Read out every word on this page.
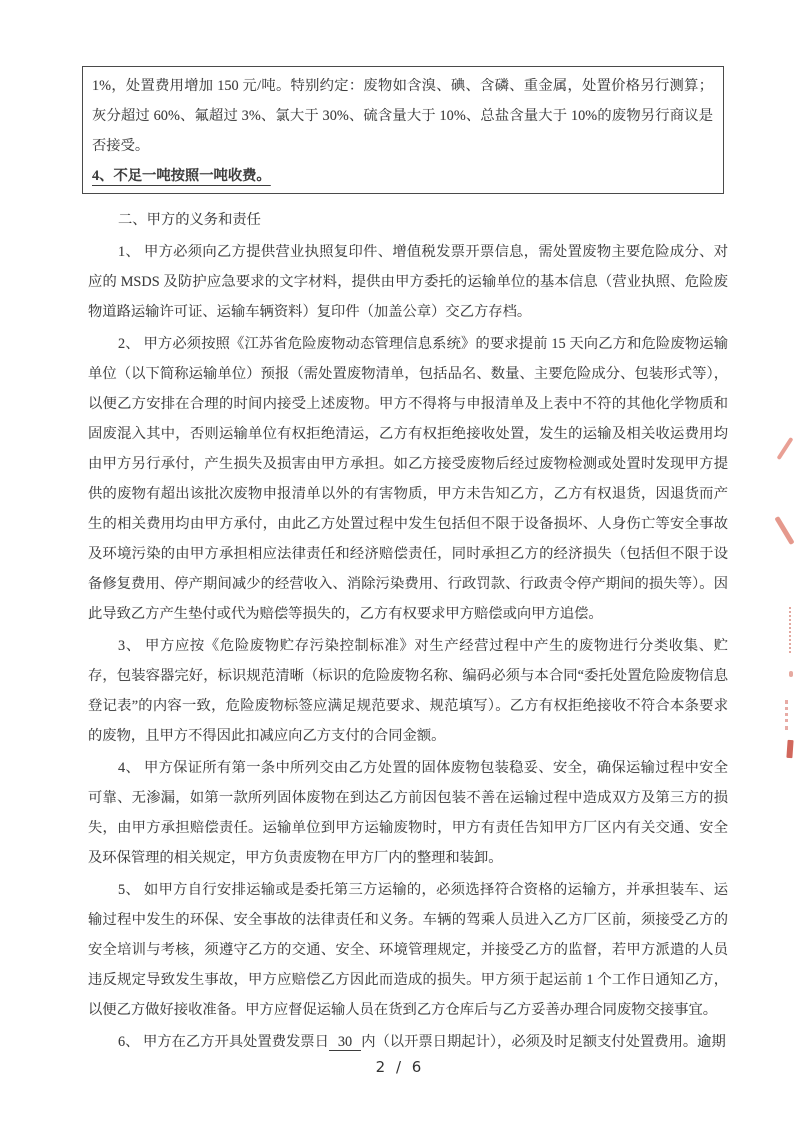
1%，处置费用增加 150 元/吨。特别约定：废物如含溴、碘、含磷、重金属，处置价格另行测算；灰分超过 60%、氟超过 3%、氯大于 30%、硫含量大于 10%、总盐含量大于 10%的废物另行商议是否接受。

4、不足一吨按照一吨收费。

二、甲方的义务和责任

1、 甲方必须向乙方提供营业执照复印件、增值税发票开票信息，需处置废物主要危险成分、对应的 MSDS 及防护应急要求的文字材料，提供由甲方委托的运输单位的基本信息（营业执照、危险废物道路运输许可证、运输车辆资料）复印件（加盖公章）交乙方存档。

2、 甲方必须按照《江苏省危险废物动态管理信息系统》的要求提前 15 天向乙方和危险废物运输单位（以下简称运输单位）预报（需处置废物清单，包括品名、数量、主要危险成分、包装形式等），以便乙方安排在合理的时间内接受上述废物。甲方不得将与申报清单及上表中不符的其他化学物质和固废混入其中，否则运输单位有权拒绝清运，乙方有权拒绝接收处置，发生的运输及相关收运费用均由甲方另行承付，产生损失及损害由甲方承担。如乙方接受废物后经过废物检测或处置时发现甲方提供的废物有超出该批次废物申报清单以外的有害物质，甲方未告知乙方，乙方有权退货，因退货而产生的相关费用均由甲方承付，由此乙方处置过程中发生包括但不限于设备损坏、人身伤亡等安全事故及环境污染的由甲方承担相应法律责任和经济赔偿责任，同时承担乙方的经济损失（包括但不限于设备修复费用、停产期间减少的经营收入、消除污染费用、行政罚款、行政责令停产期间的损失等）。因此导致乙方产生垫付或代为赔偿等损失的，乙方有权要求甲方赔偿或向甲方追偿。

3、 甲方应按《危险废物贮存污染控制标准》对生产经营过程中产生的废物进行分类收集、贮存，包装容器完好，标识规范清晰（标识的危险废物名称、编码必须与本合同“委托处置危险废物信息登记表”的内容一致，危险废物标签应满足规范要求、规范填写）。乙方有权拒绝接收不符合本条要求的废物，且甲方不得因此扣减应向乙方支付的合同金额。

4、 甲方保证所有第一条中所列交由乙方处置的固体废物包装稳妥、安全，确保运输过程中安全可靠、无渗漏，如第一款所列固体废物在到达乙方前因包装不善在运输过程中造成双方及第三方的损失，由甲方承担赔偿责任。运输单位到甲方运输废物时，甲方有责任告知甲方厂区内有关交通、安全及环保管理的相关规定，甲方负责废物在甲方厂内的整理和装卸。

5、 如甲方自行安排运输或是委托第三方运输的，必须选择符合资格的运输方，并承担装车、运输过程中发生的环保、安全事故的法律责任和义务。车辆的驾乘人员进入乙方厂区前，须接受乙方的安全培训与考核，须遵守乙方的交通、安全、环境管理规定，并接受乙方的监督，若甲方派遣的人员违反规定导致发生事故，甲方应赔偿乙方因此而造成的损失。甲方须于起运前 1 个工作日通知乙方，以便乙方做好接收准备。甲方应督促运输人员在货到乙方仓库后与乙方妥善办理合同废物交接事宜。

6、 甲方在乙方开具处置费发票日 30 内（以开票日期起计），必须及时足额支付处置费用。逾期

2 / 6
